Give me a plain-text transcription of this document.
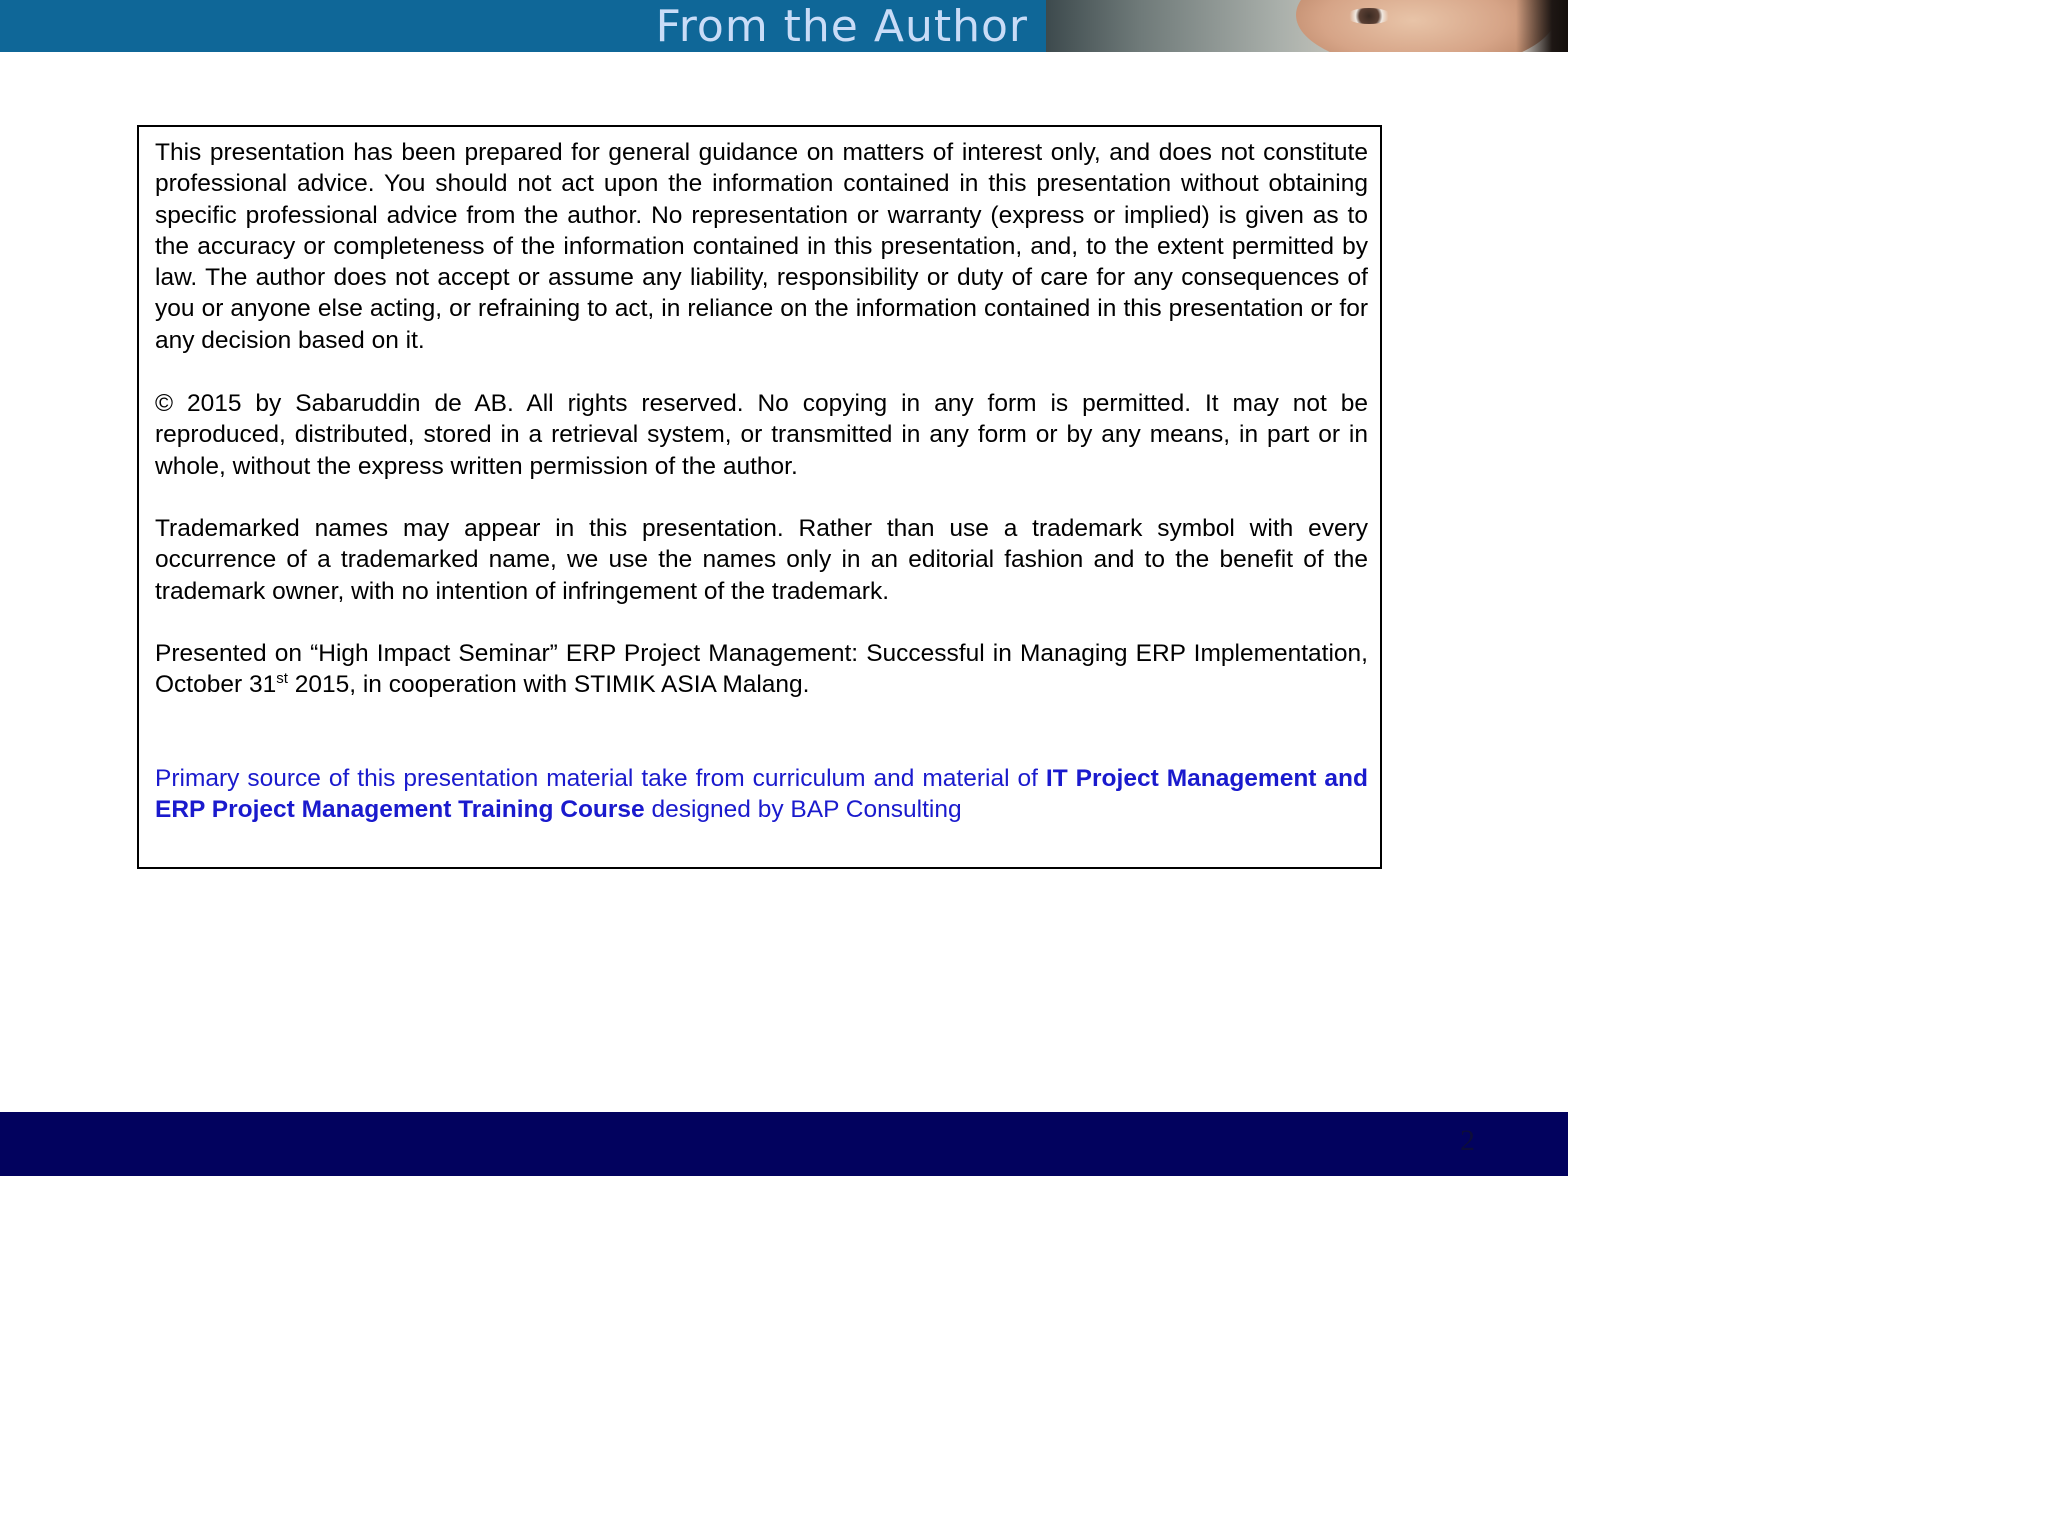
From the Author

This presentation has been prepared for general guidance on matters of interest only, and does not constitute professional advice. You should not act upon the information contained in this presentation without obtaining specific professional advice from the author. No representation or warranty (express or implied) is given as to the accuracy or completeness of the information contained in this presentation, and, to the extent permitted by law. The author does not accept or assume any liability, responsibility or duty of care for any consequences of you or anyone else acting, or refraining to act, in reliance on the information contained in this presentation or for any decision based on it.

© 2015 by Sabaruddin de AB. All rights reserved. No copying in any form is permitted. It may not be reproduced, distributed, stored in a retrieval system, or transmitted in any form or by any means, in part or in whole, without the express written permission of the author.

Trademarked names may appear in this presentation. Rather than use a trademark symbol with every occurrence of a trademarked name, we use the names only in an editorial fashion and to the benefit of the trademark owner, with no intention of infringement of the trademark.

Presented on “High Impact Seminar” ERP Project Management: Successful in Managing ERP Implementation, October 31st 2015, in cooperation with STIMIK ASIA Malang.

Primary source of this presentation material take from curriculum and material of IT Project Management and ERP Project Management Training Course designed by BAP Consulting

2
